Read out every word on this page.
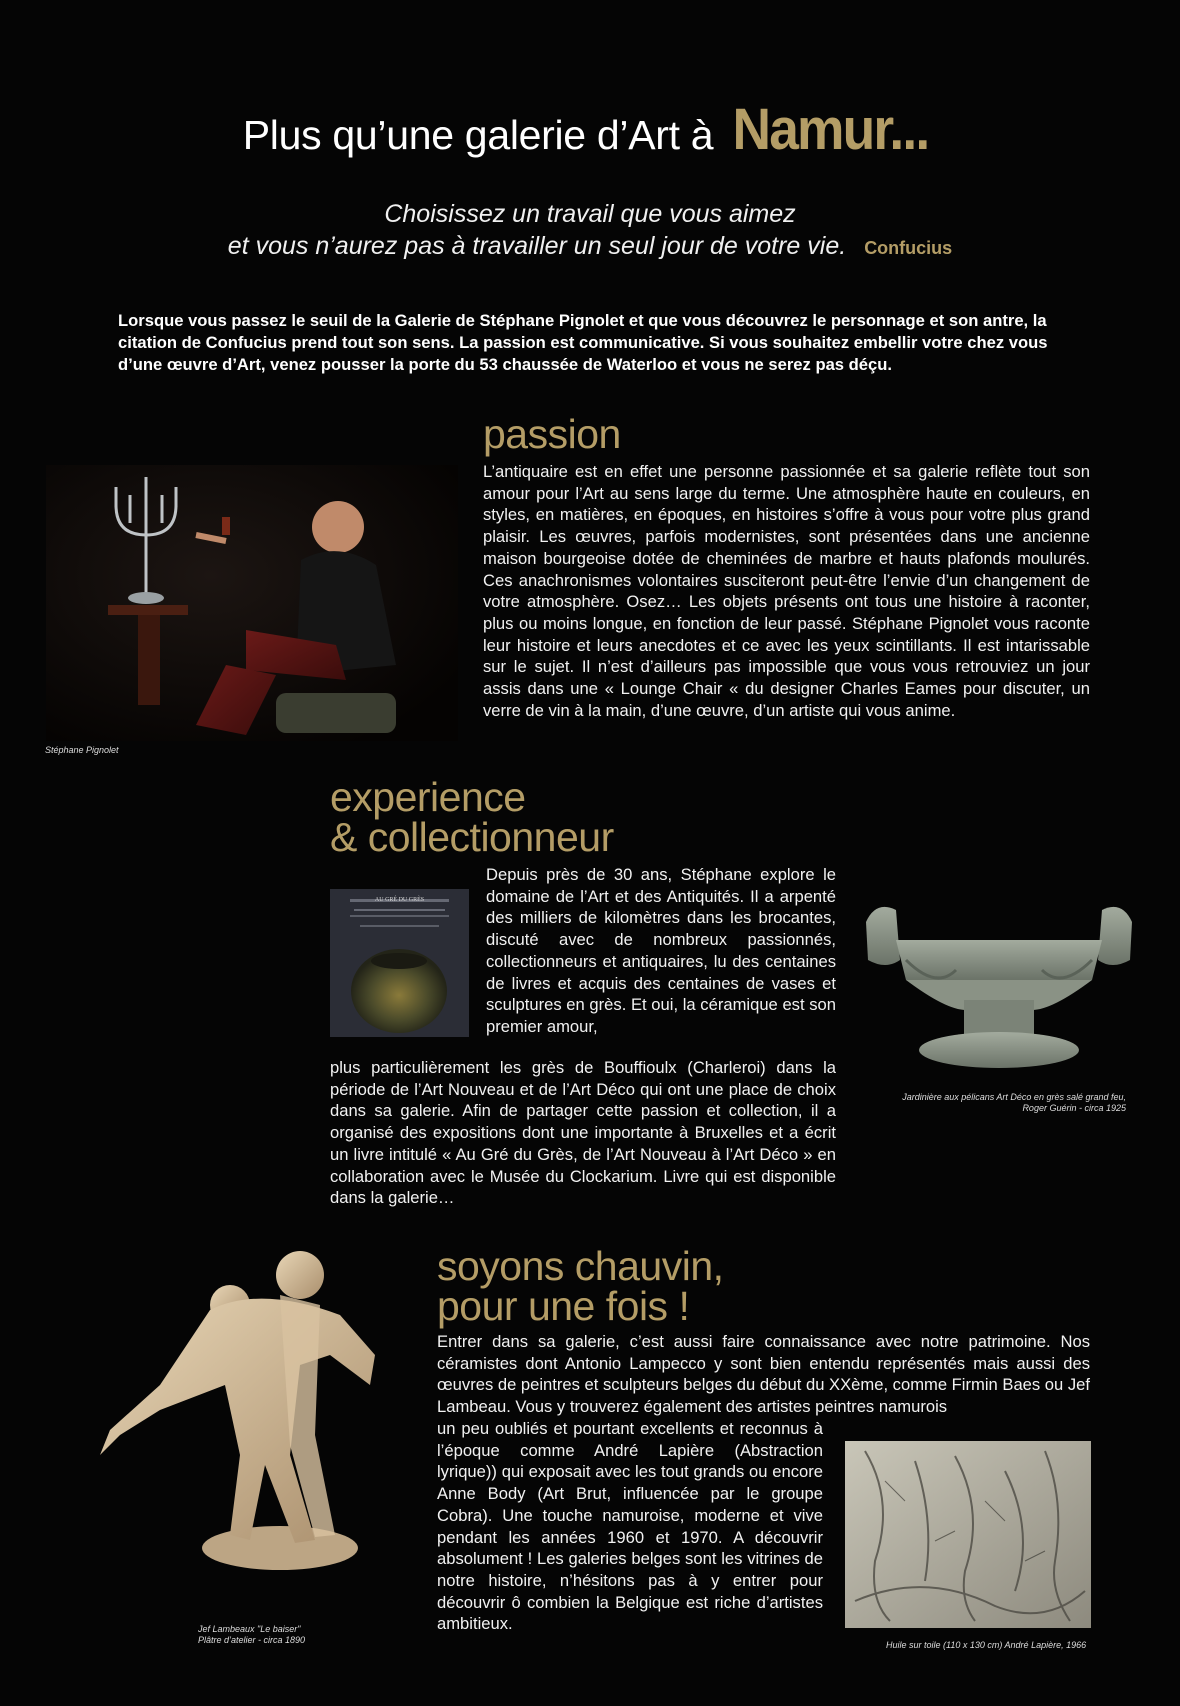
Plus qu’une galerie d’Art à Namur...
Choisissez un travail que vous aimez
et vous n’aurez pas à travailler un seul jour de votre vie. Confucius
Lorsque vous passez le seuil de la Galerie de Stéphane Pignolet et que vous découvrez le personnage et son antre, la citation de Confucius prend tout son sens. La passion est communicative. Si vous souhaitez embellir votre chez vous d’une œuvre d’Art, venez pousser la porte du 53 chaussée de Waterloo et vous ne serez pas déçu.
passion
L’antiquaire est en effet une personne passionnée et sa galerie reflète tout son amour pour l’Art au sens large du terme. Une atmosphère haute en couleurs, en styles, en matières, en époques, en histoires s’offre à vous pour votre plus grand plaisir. Les œuvres, parfois modernistes, sont présentées dans une ancienne maison bourgeoise dotée de cheminées de marbre et hauts plafonds moulurés. Ces anachronismes volontaires susciteront peut-être l’envie d’un changement de votre atmosphère. Osez… Les objets présents ont tous une histoire à raconter, plus ou moins longue, en fonction de leur passé. Stéphane Pignolet vous raconte leur histoire et leurs anecdotes et ce avec les yeux scintillants. Il est intarissable sur le sujet. Il n’est d’ailleurs pas impossible que vous vous retrouviez un jour assis dans une « Lounge Chair « du designer Charles Eames pour discuter, un verre de vin à la main, d’une œuvre, d’un artiste qui vous anime.
Stéphane Pignolet
experience
& collectionneur
Depuis près de 30 ans, Stéphane explore le domaine de l’Art et des Antiquités. Il a arpenté des milliers de kilomètres dans les brocantes, discuté avec de nombreux passionnés, collectionneurs et antiquaires, lu des centaines de livres et acquis des centaines de vases et sculptures en grès. Et oui, la céramique est son premier amour,
plus particulièrement les grès de Bouffioulx (Charleroi) dans la période de l’Art Nouveau et de l’Art Déco qui ont une place de choix dans sa galerie. Afin de partager cette passion et collection, il a organisé des expositions dont une importante à Bruxelles et a écrit un livre intitulé « Au Gré du Grès, de l’Art Nouveau à l’Art Déco » en collaboration avec le Musée du Clockarium. Livre qui est disponible dans la galerie…
AU GRÉ DU GRÈS
Jardinière aux pélicans Art Déco en grès salé grand feu,
Roger Guérin - circa 1925
soyons chauvin,
pour une fois !
Entrer dans sa galerie, c’est aussi faire connaissance avec notre patrimoine. Nos céramistes dont Antonio Lampecco y sont bien entendu représentés mais aussi des œuvres de peintres et sculpteurs belges du début du XXème, comme Firmin Baes ou Jef Lambeau. Vous y trouverez également des artistes peintres namurois
un peu oubliés et pourtant excellents et reconnus à l’époque comme André Lapière (Abstraction lyrique)) qui exposait avec les tout grands ou encore Anne Body (Art Brut, influencée par le groupe Cobra). Une touche namuroise, moderne et vive pendant les années 1960 et 1970. A découvrir absolument ! Les galeries belges sont les vitrines de notre histoire, n’hésitons pas à y entrer pour découvrir ô combien la Belgique est riche d’artistes ambitieux.
Jef Lambeaux "Le baiser"
Plâtre d’atelier - circa 1890	Huile sur toile (110 x 130 cm) André Lapière, 1966
